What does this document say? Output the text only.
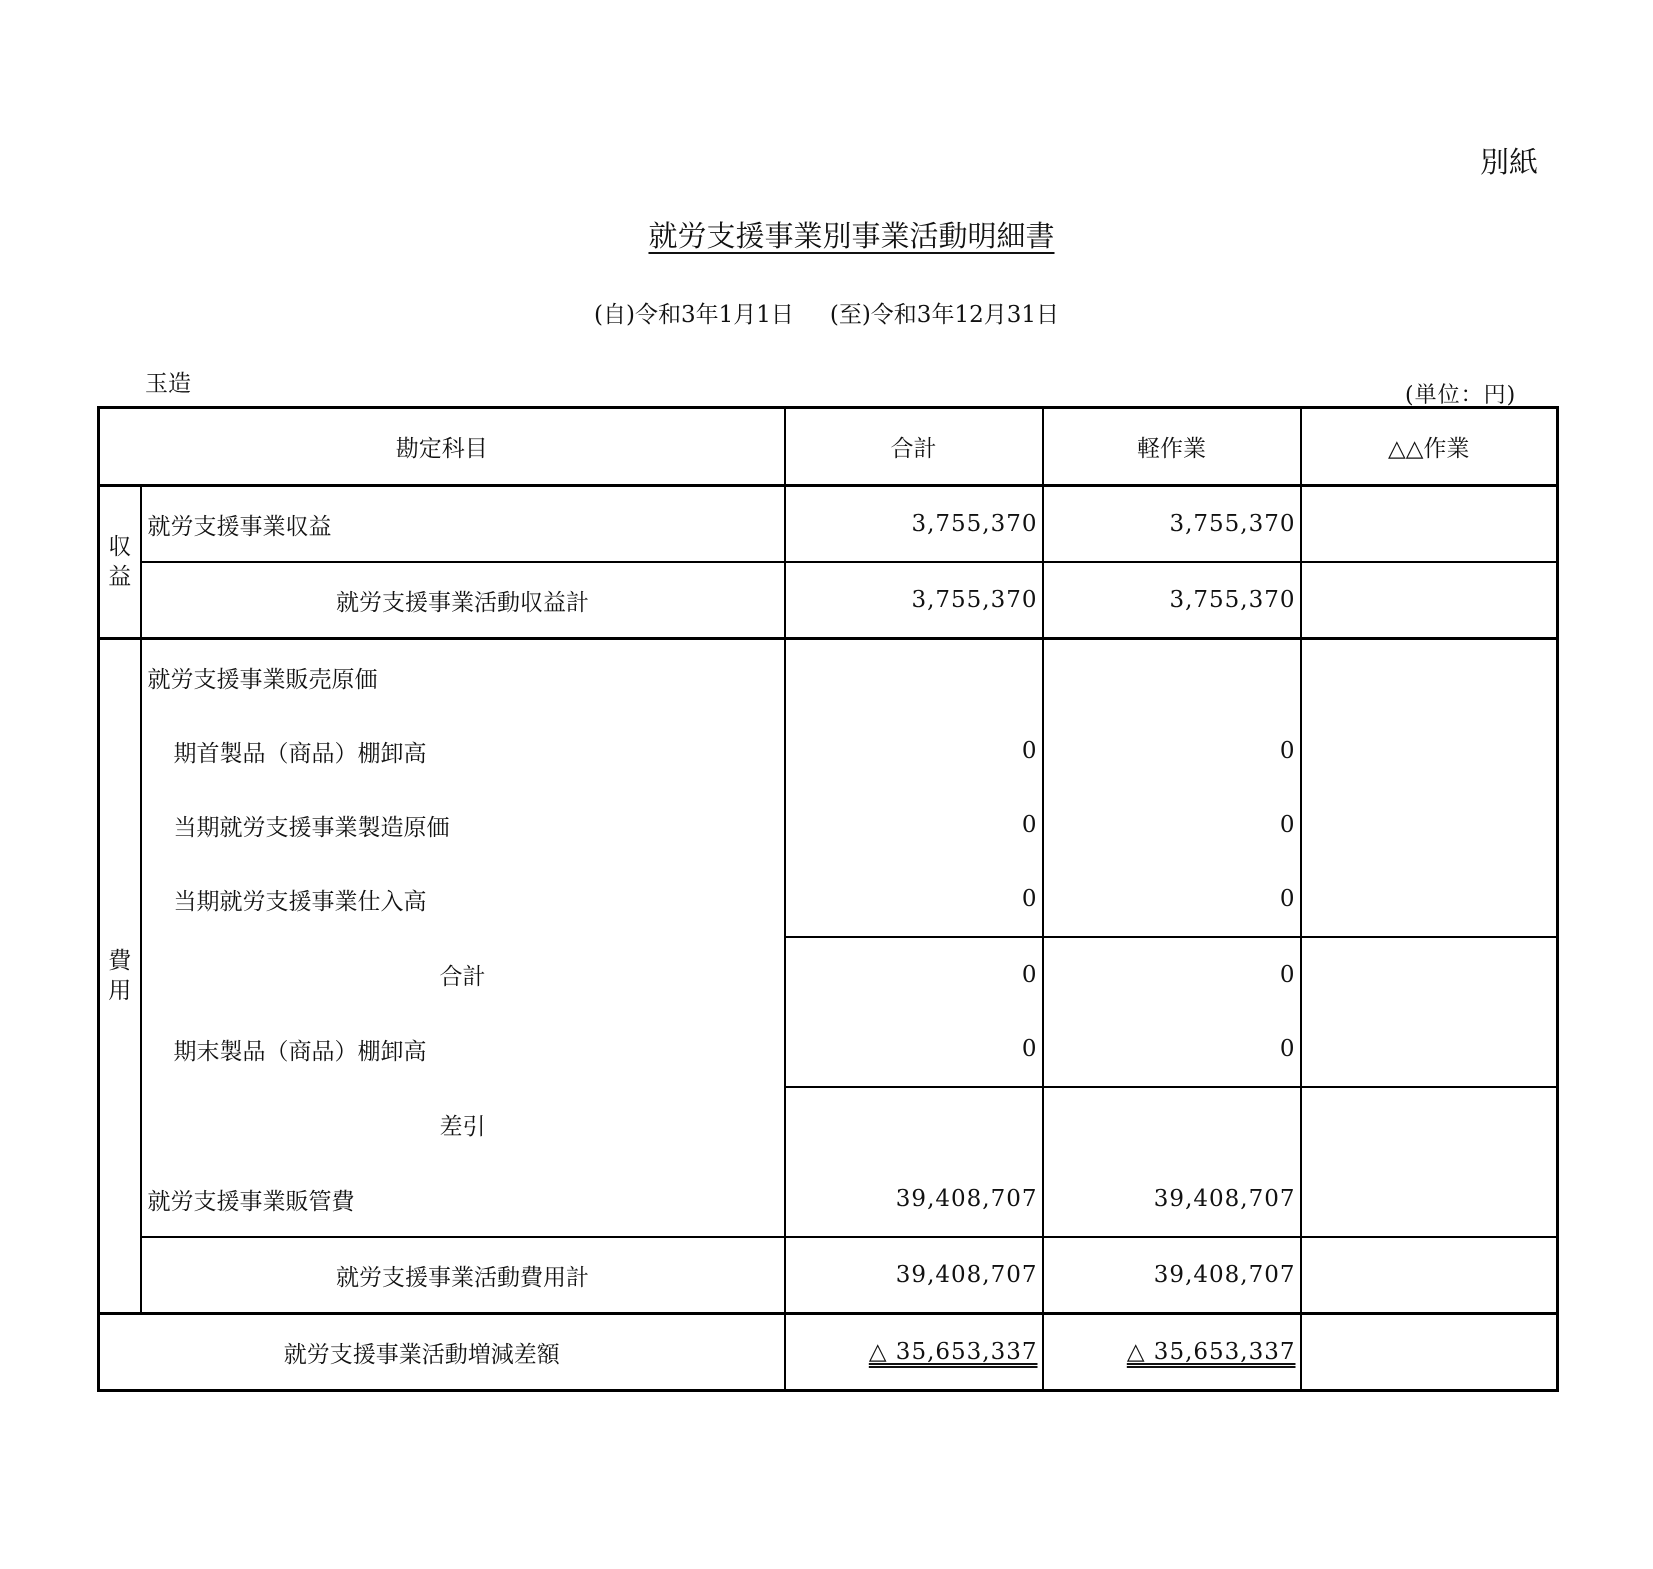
別紙
就労支援事業別事業活動明細書
(自)令和3年1月1日 (至)令和3年12月31日
玉造	(単位：円)
勘定科目		合計	軽作業	△△作業

収益	就労支援事業収益	3,755,370	3,755,370	
	就労支援事業活動収益計	3,755,370	3,755,370	

費用	就労支援事業販売原価			
	期首製品（商品）棚卸高	0	0	
	当期就労支援事業製造原価	0	0	
	当期就労支援事業仕入高	0	0	
	合計	0	0	
	期末製品（商品）棚卸高	0	0	
	差引			
	就労支援事業販管費	39,408,707	39,408,707	
	就労支援事業活動費用計	39,408,707	39,408,707	
就労支援事業活動増減差額		△ 35,653,337	△ 35,653,337	
